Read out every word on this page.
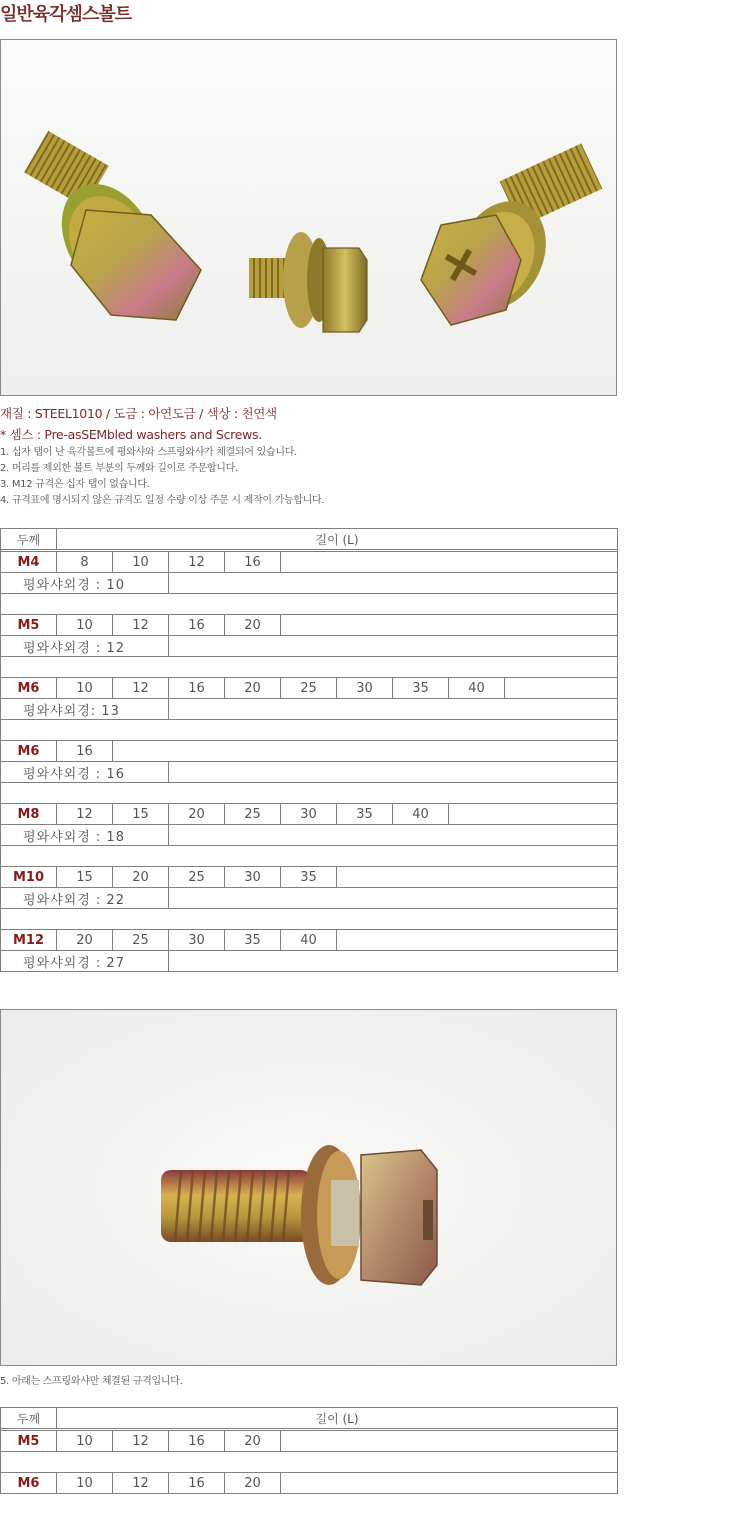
일반육각셈스볼트
재질 : STEEL1010 / 도금 : 아연도금 / 색상 : 천연색
* 셈스 : Pre-asSEMbled washers and Screws.
1. 십자 탭이 난 육각볼트에 평와샤와 스프링와샤가 체결되어 있습니다.
2. 머리를 제외한 볼트 부분의 두께와 길이로 주문합니다.
3. M12 규격은 십자 탭이 없습니다.
4. 규격표에 명시되지 않은 규격도 일정 수량 이상 주문 시 제작이 가능합니다.
두께	길이 (L)								

M4	8	10	12	16					
평와샤외경 : 10									

M5	10	12	16	20					
평와샤외경 : 12									

M6	10	12	16	20	25	30	35	40	
평와샤외경: 13									

M6	16								
평와샤외경 : 16									

M8	12	15	20	25	30	35	40		
평와샤외경 : 18									

M10	15	20	25	30	35				
평와샤외경 : 22									

M12	20	25	30	35	40				
평와샤외경 : 27									
5. 아래는 스프링와샤만 체결된 규격입니다.
두께	길이 (L)				

M5	10	12	16	20	

M6	10	12	16	20	
